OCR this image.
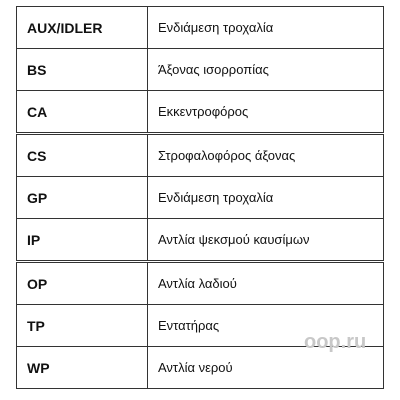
AUX/IDLER	Ενδιάμεση τροχαλία
BS	Άξονας ισορροπίας
CA	Εκκεντροφόρος
CS	Στροφαλοφόρος άξονας
GP	Ενδιάμεση τροχαλία
IP	Αντλία ψεκσμού καυσίμων
OP	Αντλία λαδιού
TP	Εντατήρας
WP	Αντλία νερού
oop.ru
